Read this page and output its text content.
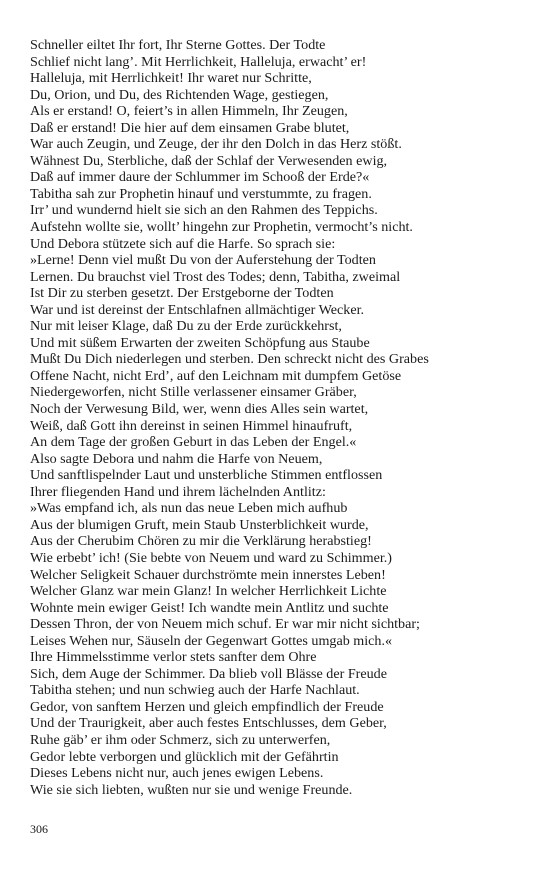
Schneller eiltet Ihr fort, Ihr Sterne Gottes. Der Todte
Schlief nicht lang’. Mit Herrlichkeit, Halleluja, erwacht’ er!
Halleluja, mit Herrlichkeit! Ihr waret nur Schritte,
Du, Orion, und Du, des Richtenden Wage, gestiegen,
Als er erstand! O, feiert’s in allen Himmeln, Ihr Zeugen,
Daß er erstand! Die hier auf dem einsamen Grabe blutet,
War auch Zeugin, und Zeuge, der ihr den Dolch in das Herz stößt.
Wähnest Du, Sterbliche, daß der Schlaf der Verwesenden ewig,
Daß auf immer daure der Schlummer im Schooß der Erde?«
Tabitha sah zur Prophetin hinauf und verstummte, zu fragen.
Irr’ und wundernd hielt sie sich an den Rahmen des Teppichs.
Aufstehn wollte sie, wollt’ hingehn zur Prophetin, vermocht’s nicht.
Und Debora stützete sich auf die Harfe. So sprach sie:
»Lerne! Denn viel mußt Du von der Auferstehung der Todten
Lernen. Du brauchst viel Trost des Todes; denn, Tabitha, zweimal
Ist Dir zu sterben gesetzt. Der Erstgeborne der Todten
War und ist dereinst der Entschlafnen allmächtiger Wecker.
Nur mit leiser Klage, daß Du zu der Erde zurückkehrst,
Und mit süßem Erwarten der zweiten Schöpfung aus Staube
Mußt Du Dich niederlegen und sterben. Den schreckt nicht des Grabes
Offene Nacht, nicht Erd’, auf den Leichnam mit dumpfem Getöse
Niedergeworfen, nicht Stille verlassener einsamer Gräber,
Noch der Verwesung Bild, wer, wenn dies Alles sein wartet,
Weiß, daß Gott ihn dereinst in seinen Himmel hinaufruft,
An dem Tage der großen Geburt in das Leben der Engel.«
Also sagte Debora und nahm die Harfe von Neuem,
Und sanftlispelnder Laut und unsterbliche Stimmen entflossen
Ihrer fliegenden Hand und ihrem lächelnden Antlitz:
»Was empfand ich, als nun das neue Leben mich aufhub
Aus der blumigen Gruft, mein Staub Unsterblichkeit wurde,
Aus der Cherubim Chören zu mir die Verklärung herabstieg!
Wie erbebt’ ich! (Sie bebte von Neuem und ward zu Schimmer.)
Welcher Seligkeit Schauer durchströmte mein innerstes Leben!
Welcher Glanz war mein Glanz! In welcher Herrlichkeit Lichte
Wohnte mein ewiger Geist! Ich wandte mein Antlitz und suchte
Dessen Thron, der von Neuem mich schuf. Er war mir nicht sichtbar;
Leises Wehen nur, Säuseln der Gegenwart Gottes umgab mich.«
Ihre Himmelsstimme verlor stets sanfter dem Ohre
Sich, dem Auge der Schimmer. Da blieb voll Blässe der Freude
Tabitha stehen; und nun schwieg auch der Harfe Nachlaut.
Gedor, von sanftem Herzen und gleich empfindlich der Freude
Und der Traurigkeit, aber auch festes Entschlusses, dem Geber,
Ruhe gäb’ er ihm oder Schmerz, sich zu unterwerfen,
Gedor lebte verborgen und glücklich mit der Gefährtin
Dieses Lebens nicht nur, auch jenes ewigen Lebens.
Wie sie sich liebten, wußten nur sie und wenige Freunde.
306
